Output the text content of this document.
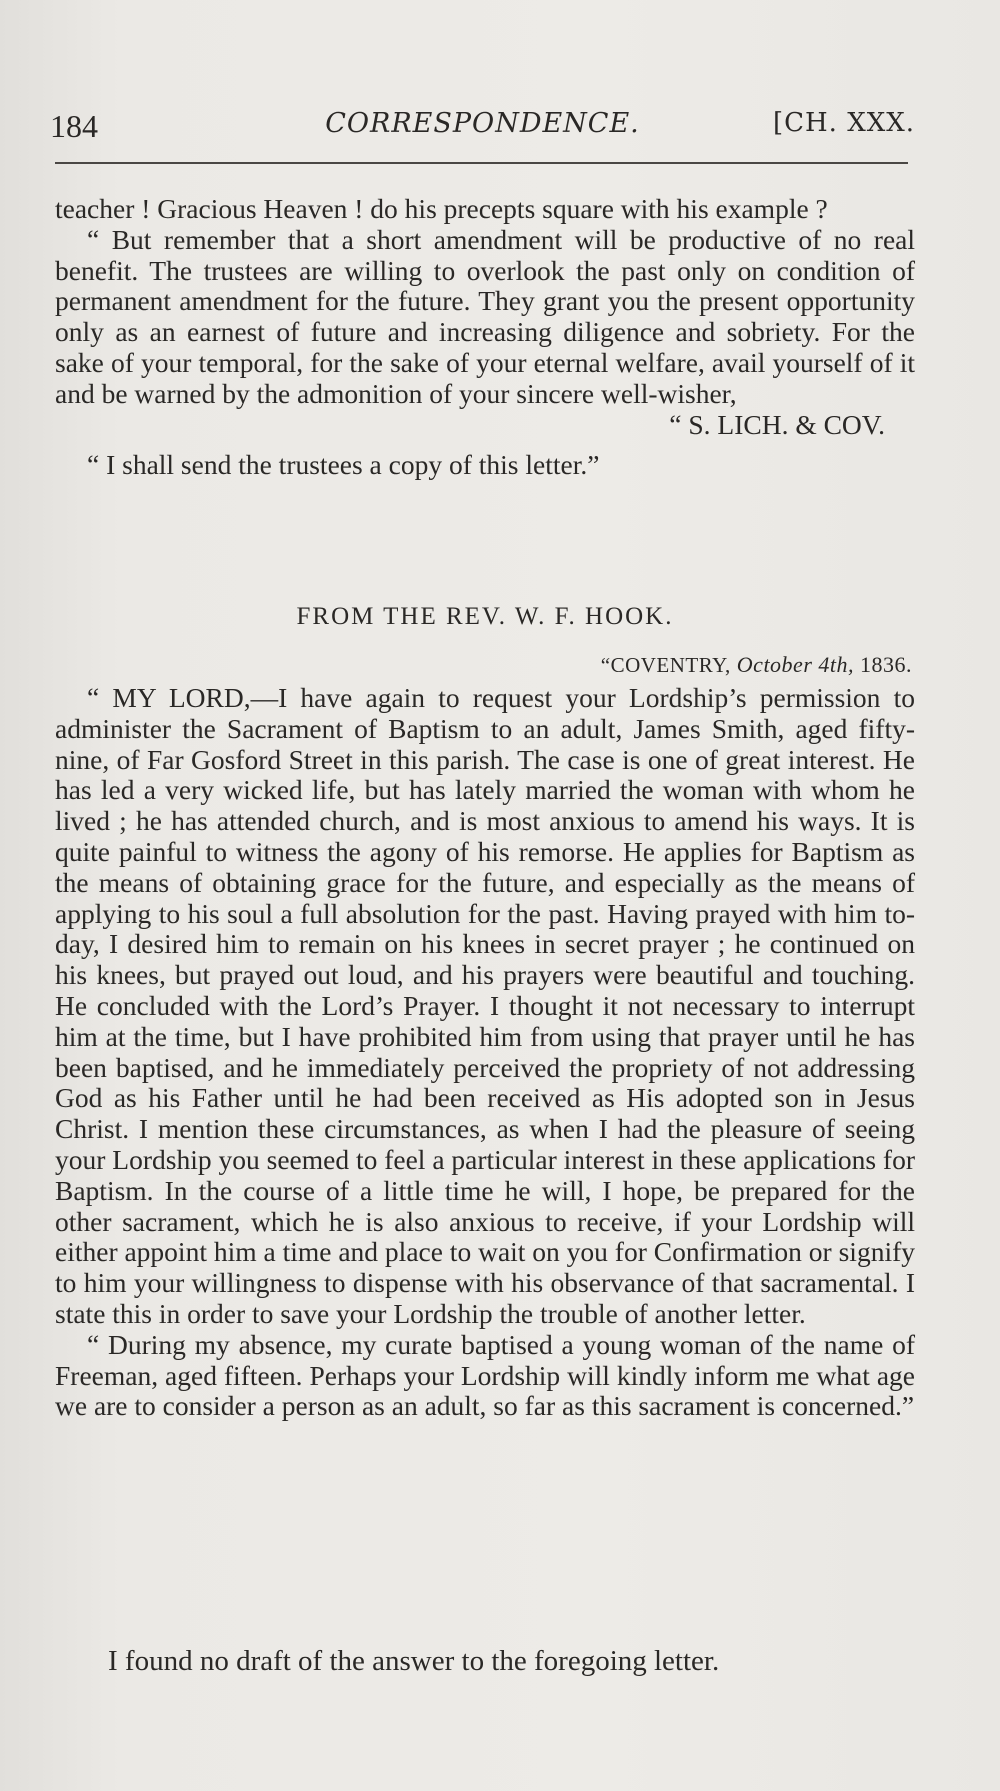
184	CORRESPONDENCE.	[CH. XXX.

teacher ! Gracious Heaven ! do his precepts square with his example ?

“ But remember that a short amendment will be productive of no real benefit. The trustees are willing to overlook the past only on condition of permanent amendment for the future. They grant you the present opportunity only as an earnest of future and increasing diligence and sobriety. For the sake of your temporal, for the sake of your eternal welfare, avail yourself of it and be warned by the admonition of your sincere well-wisher,

“ S. LICH. & COV.

“ I shall send the trustees a copy of this letter.”

FROM THE REV. W. F. HOOK.
“COVENTRY, October 4th, 1836.

“ MY LORD,—I have again to request your Lordship’s permission to administer the Sacrament of Baptism to an adult, James Smith, aged fifty-nine, of Far Gosford Street in this parish. The case is one of great interest. He has led a very wicked life, but has lately married the woman with whom he lived ; he has attended church, and is most anxious to amend his ways. It is quite painful to witness the agony of his remorse. He applies for Baptism as the means of obtaining grace for the future, and especially as the means of applying to his soul a full absolution for the past. Having prayed with him to-day, I desired him to remain on his knees in secret prayer ; he continued on his knees, but prayed out loud, and his prayers were beautiful and touching. He concluded with the Lord’s Prayer. I thought it not necessary to interrupt him at the time, but I have prohibited him from using that prayer until he has been baptised, and he immediately perceived the propriety of not addressing God as his Father until he had been received as His adopted son in Jesus Christ. I mention these circumstances, as when I had the pleasure of seeing your Lordship you seemed to feel a particular interest in these applications for Baptism. In the course of a little time he will, I hope, be prepared for the other sacrament, which he is also anxious to receive, if your Lordship will either appoint him a time and place to wait on you for Confirmation or signify to him your willingness to dispense with his observance of that sacramental. I state this in order to save your Lordship the trouble of another letter.

“ During my absence, my curate baptised a young woman of the name of Freeman, aged fifteen. Perhaps your Lordship will kindly inform me what age we are to consider a person as an adult, so far as this sacrament is concerned.”

I found no draft of the answer to the foregoing letter.
